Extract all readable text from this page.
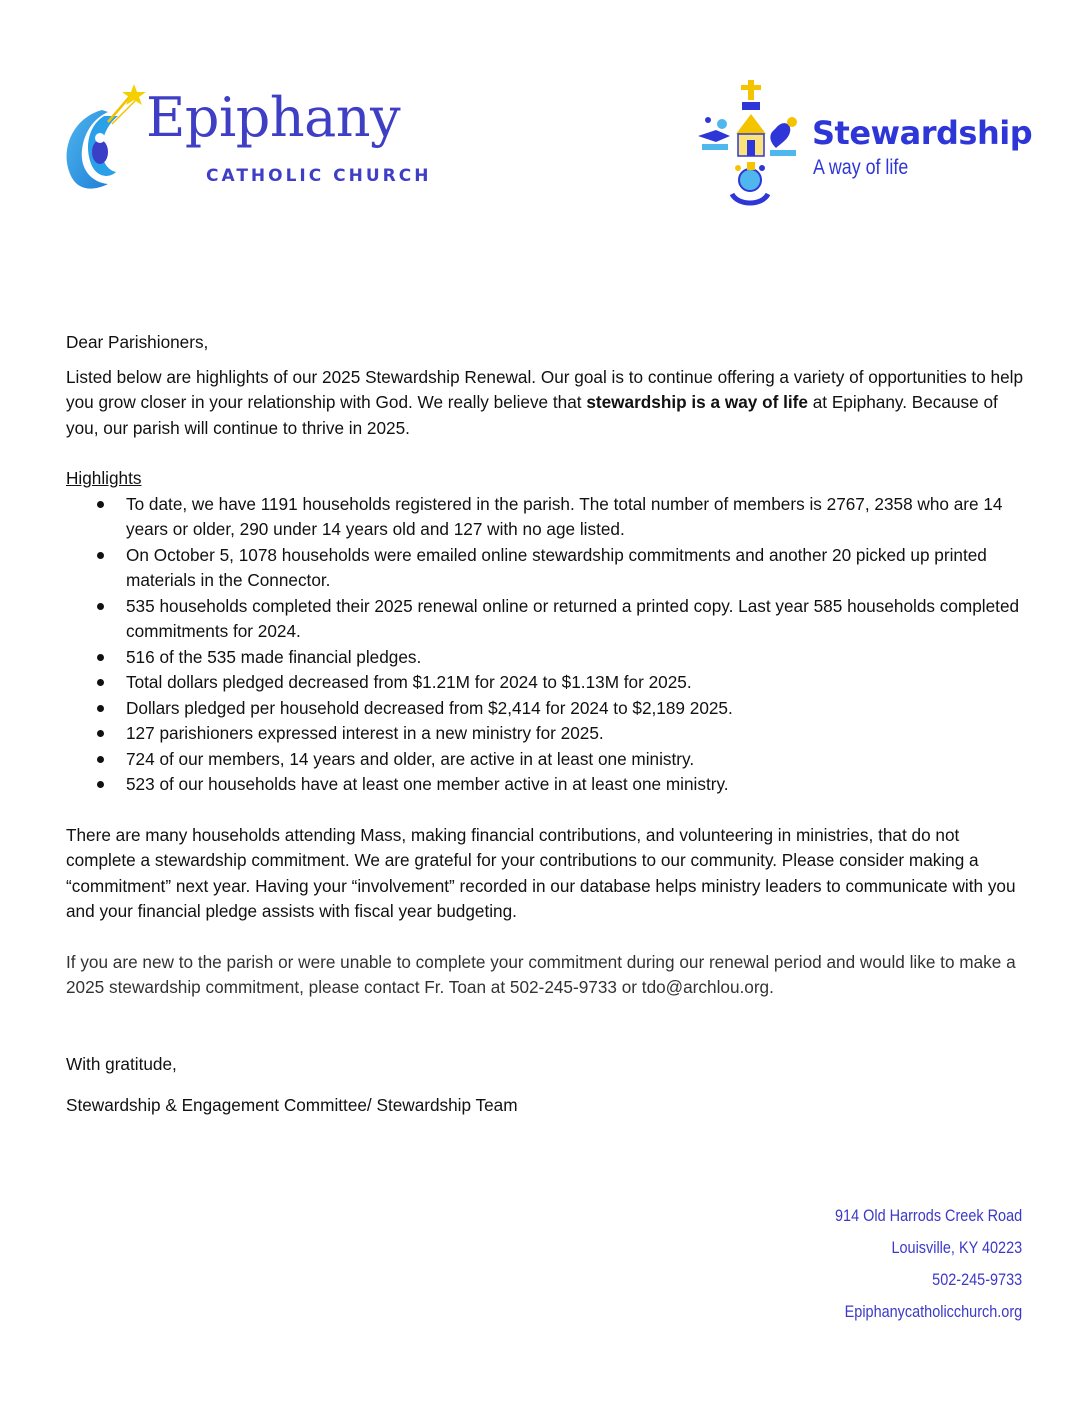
Epiphany
CATHOLIC CHURCH
Stewardship
A way of life

Dear Parishioners,

Listed below are highlights of our 2025 Stewardship Renewal. Our goal is to continue offering a variety of opportunities to help you grow closer in your relationship with God. We really believe that stewardship is a way of life at Epiphany. Because of you, our parish will continue to thrive in 2025.

Highlights

To date, we have 1191 households registered in the parish. The total number of members is 2767, 2358 who are 14 years or older, 290 under 14 years old and 127 with no age listed.
On October 5, 1078 households were emailed online stewardship commitments and another 20 picked up printed materials in the Connector.
535 households completed their 2025 renewal online or returned a printed copy. Last year 585 households completed commitments for 2024.
516 of the 535 made financial pledges.
Total dollars pledged decreased from $1.21M for 2024 to $1.13M for 2025.
Dollars pledged per household decreased from $2,414 for 2024 to $2,189 2025.
127 parishioners expressed interest in a new ministry for 2025.
724 of our members, 14 years and older, are active in at least one ministry.
523 of our households have at least one member active in at least one ministry.

There are many households attending Mass, making financial contributions, and volunteering in ministries, that do not complete a stewardship commitment. We are grateful for your contributions to our community. Please consider making a “commitment” next year. Having your “involvement” recorded in our database helps ministry leaders to communicate with you and your financial pledge assists with fiscal year budgeting.

If you are new to the parish or were unable to complete your commitment during our renewal period and would like to make a 2025 stewardship commitment, please contact Fr. Toan at 502-245-9733 or tdo@archlou.org.

With gratitude,

Stewardship & Engagement Committee/ Stewardship Team

914 Old Harrods Creek Road
Louisville, KY 40223
502-245-9733
Epiphanycatholicchurch.org
